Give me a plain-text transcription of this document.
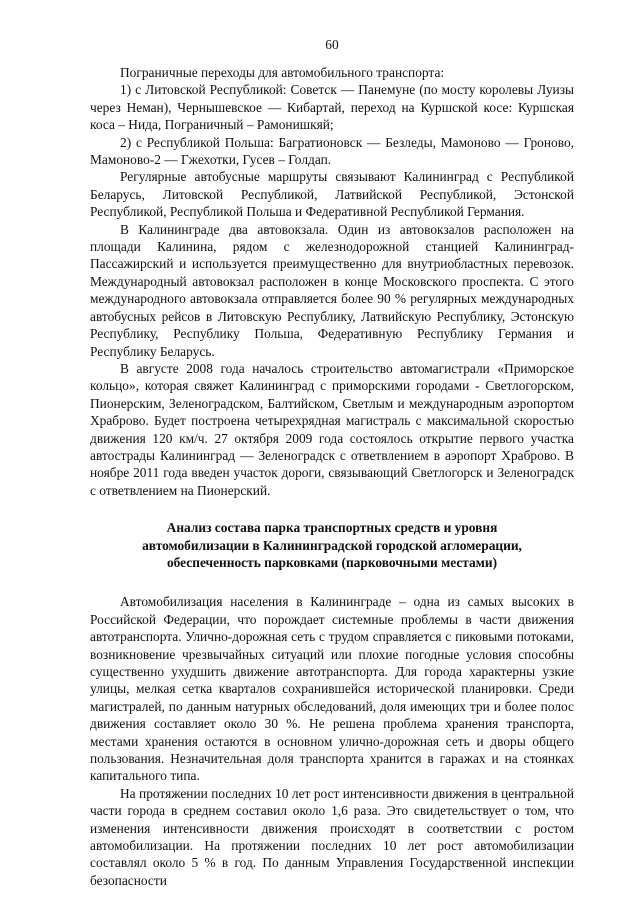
60

Пограничные переходы для автомобильного транспорта:

1) с Литовской Республикой: Советск — Панемуне (по мосту королевы Луизы через Неман), Чернышевское — Кибартай, переход на Куршской косе: Куршская коса – Нида, Пограничный – Рамонишкяй;

2) с Республикой Польша: Багратионовск — Безледы, Мамоново — Гроново, Мамоново-2 — Гжехотки, Гусев – Голдап.

Регулярные автобусные маршруты связывают Калининград с Республикой Беларусь, Литовской Республикой, Латвийской Республикой, Эстонской Республикой, Республикой Польша и Федеративной Республикой Германия.

В Калининграде два автовокзала. Один из автовокзалов расположен на площади Калинина, рядом с железнодорожной станцией Калининград-Пассажирский и используется преимущественно для внутриобластных перевозок. Международный автовокзал расположен в конце Московского проспекта. С этого международного автовокзала отправляется более 90 % регулярных международных автобусных рейсов в Литовскую Республику, Латвийскую Республику, Эстонскую Республику, Республику Польша, Федеративную Республику Германия и Республику Беларусь.

В августе 2008 года началось строительство автомагистрали «Приморское кольцо», которая свяжет Калининград с приморскими городами - Светлогорском, Пионерским, Зеленоградском, Балтийском, Светлым и международным аэропортом Храброво. Будет построена четырехрядная магистраль с максимальной скоростью движения 120 км/ч. 27 октября 2009 года состоялось открытие первого участка автострады Калининград — Зеленоградск с ответвлением в аэропорт Храброво. В ноябре 2011 года введен участок дороги, связывающий Светлогорск и Зеленоградск с ответвлением на Пионерский.

Анализ состава парка транспортных средств и уровня
автомобилизации в Калининградской городской агломерации,
обеспеченность парковками (парковочными местами)

Автомобилизация населения в Калининграде – одна из самых высоких в Российской Федерации, что порождает системные проблемы в части движения автотранспорта. Улично-дорожная сеть с трудом справляется с пиковыми потоками, возникновение чрезвычайных ситуаций или плохие погодные условия способны существенно ухудшить движение автотранспорта. Для города характерны узкие улицы, мелкая сетка кварталов сохранившейся исторической планировки. Среди магистралей, по данным натурных обследований, доля имеющих три и более полос движения составляет около 30 %. Не решена проблема хранения транспорта, местами хранения остаются в основном улично-дорожная сеть и дворы общего пользования. Незначительная доля транспорта хранится в гаражах и на стоянках капитального типа.

На протяжении последних 10 лет рост интенсивности движения в центральной части города в среднем составил около 1,6 раза. Это свидетельствует о том, что изменения интенсивности движения происходят в соответствии с ростом автомобилизации. На протяжении последних 10 лет рост автомобилизации составлял около 5 % в год. По данным Управления Государственной инспекции безопасности
